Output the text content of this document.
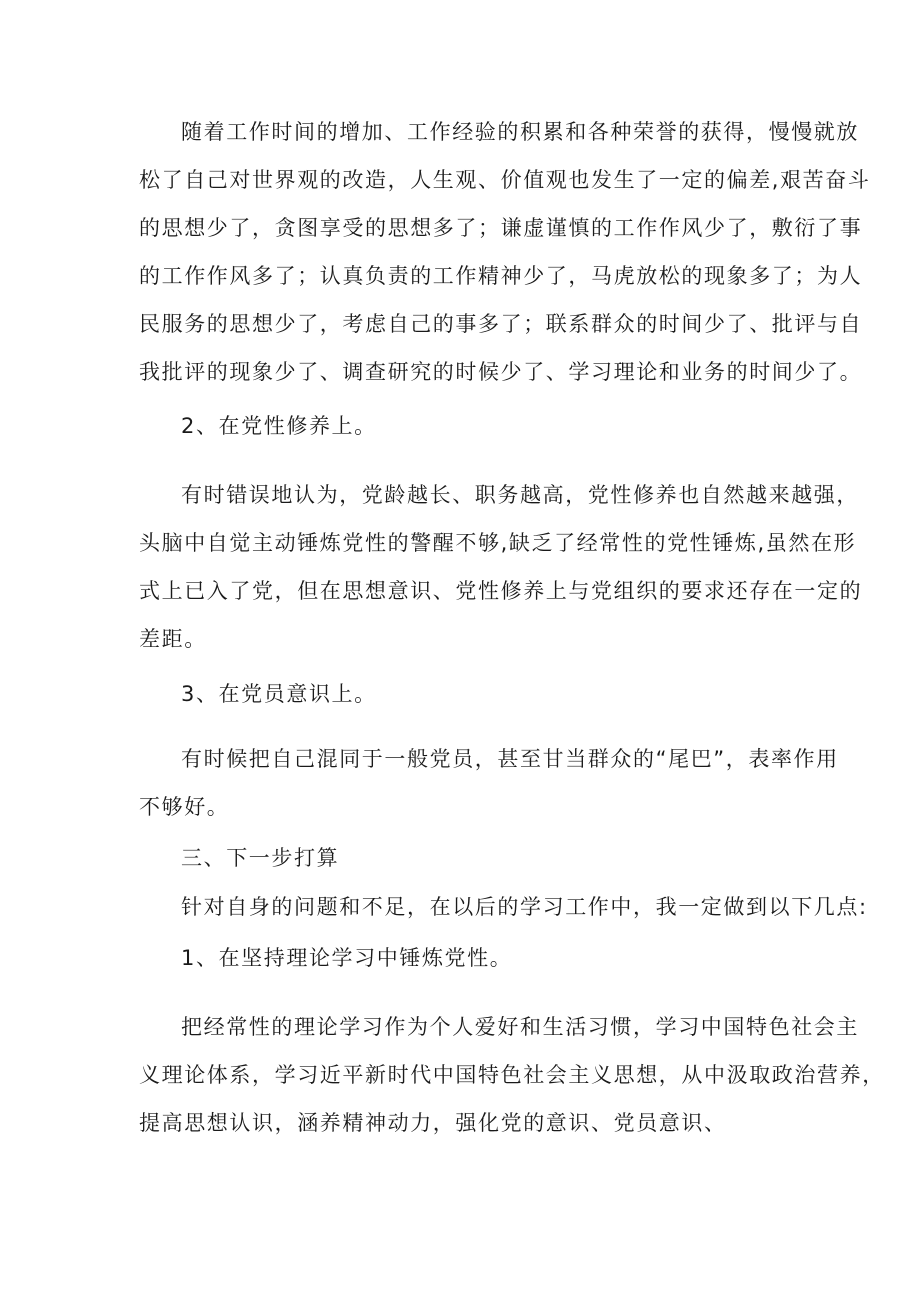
随着工作时间的增加、工作经验的积累和各种荣誉的获得，慢慢就放
松了自己对世界观的改造，人生观、价值观也发生了一定的偏差,艰苦奋斗
的思想少了，贪图享受的思想多了；谦虚谨慎的工作作风少了，敷衍了事
的工作作风多了；认真负责的工作精神少了，马虎放松的现象多了；为人
民服务的思想少了，考虑自己的事多了；联系群众的时间少了、批评与自
我批评的现象少了、调查研究的时候少了、学习理论和业务的时间少了。
2、在党性修养上。
有时错误地认为，党龄越长、职务越高，党性修养也自然越来越强，
头脑中自觉主动锤炼党性的警醒不够,缺乏了经常性的党性锤炼,虽然在形
式上已入了党，但在思想意识、党性修养上与党组织的要求还存在一定的
差距。
3、在党员意识上。
有时候把自己混同于一般党员，甚至甘当群众的“尾巴”，表率作用
不够好。
三、下一步打算
针对自身的问题和不足，在以后的学习工作中，我一定做到以下几点:
1、在坚持理论学习中锤炼党性。
把经常性的理论学习作为个人爱好和生活习惯，学习中国特色社会主
义理论体系，学习近平新时代中国特色社会主义思想，从中汲取政治营养，
提高思想认识，涵养精神动力，强化党的意识、党员意识、
